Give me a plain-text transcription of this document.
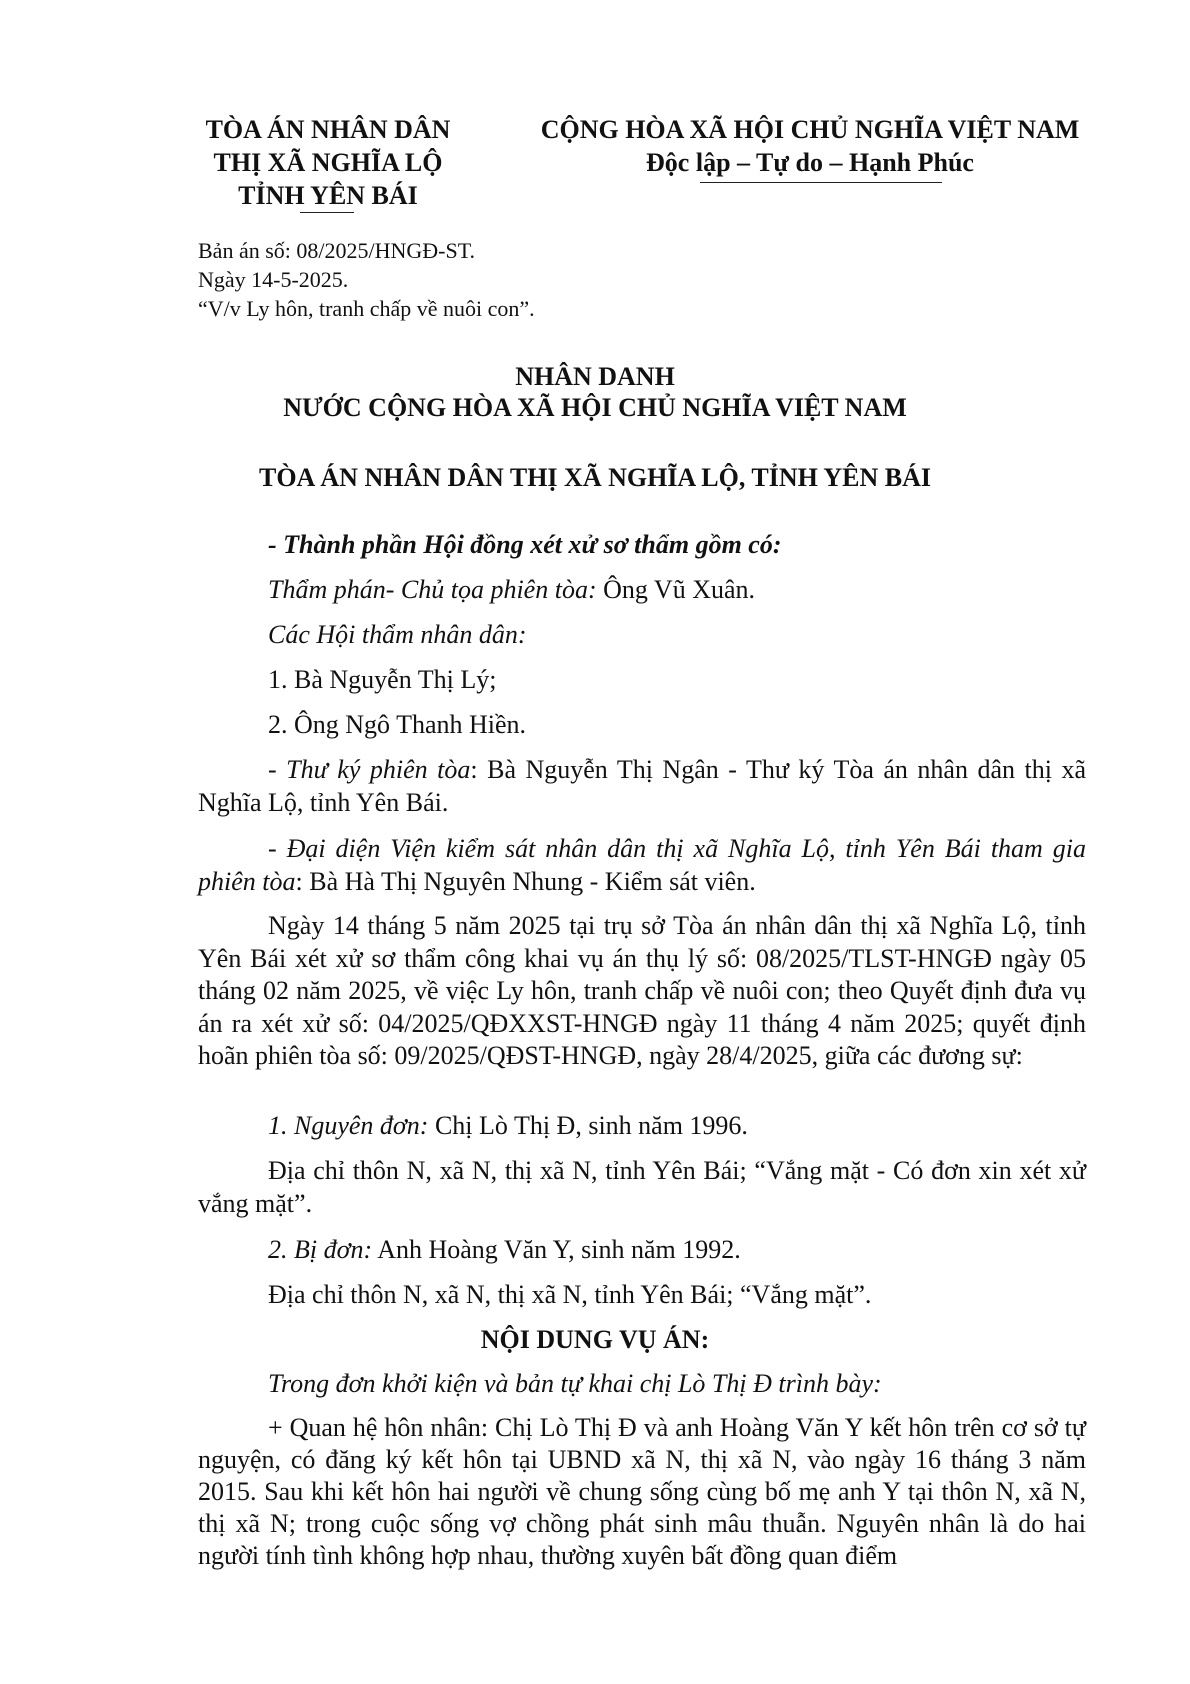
TÒA ÁN NHÂN DÂN
THỊ XÃ NGHĨA LỘ
TỈNH YÊN BÁI
CỘNG HÒA XÃ HỘI CHỦ NGHĨA VIỆT NAM
Độc lập – Tự do – Hạnh Phúc
Bản án số: 08/2025/HNGĐ-ST.
Ngày 14-5-2025.
“V/v Ly hôn, tranh chấp về nuôi con”.
NHÂN DANH
NƯỚC CỘNG HÒA XÃ HỘI CHỦ NGHĨA VIỆT NAM
TÒA ÁN NHÂN DÂN THỊ XÃ NGHĨA LỘ, TỈNH YÊN BÁI
- Thành phần Hội đồng xét xử sơ thẩm gồm có:
Thẩm phán- Chủ tọa phiên tòa: Ông Vũ Xuân.
Các Hội thẩm nhân dân:
1. Bà Nguyễn Thị Lý;
2. Ông Ngô Thanh Hiền.
- Thư ký phiên tòa: Bà Nguyễn Thị Ngân - Thư ký Tòa án nhân dân thị xã Nghĩa Lộ, tỉnh Yên Bái.
- Đại diện Viện kiểm sát nhân dân thị xã Nghĩa Lộ, tỉnh Yên Bái tham gia phiên tòa: Bà Hà Thị Nguyên Nhung - Kiểm sát viên.
Ngày 14 tháng 5 năm 2025 tại trụ sở Tòa án nhân dân thị xã Nghĩa Lộ, tỉnh Yên Bái xét xử sơ thẩm công khai vụ án thụ lý số: 08/2025/TLST-HNGĐ ngày 05 tháng 02 năm 2025, về việc Ly hôn, tranh chấp về nuôi con; theo Quyết định đưa vụ án ra xét xử số: 04/2025/QĐXXST-HNGĐ ngày 11 tháng 4 năm 2025; quyết định hoãn phiên tòa số: 09/2025/QĐST-HNGĐ, ngày 28/4/2025, giữa các đương sự:
1. Nguyên đơn: Chị Lò Thị Đ, sinh năm 1996.
Địa chỉ thôn N, xã N, thị xã N, tỉnh Yên Bái; “Vắng mặt - Có đơn xin xét xử vắng mặt”.
2. Bị đơn: Anh Hoàng Văn Y, sinh năm 1992.
Địa chỉ thôn N, xã N, thị xã N, tỉnh Yên Bái; “Vắng mặt”.
NỘI DUNG VỤ ÁN:
Trong đơn khởi kiện và bản tự khai chị Lò Thị Đ trình bày:
+ Quan hệ hôn nhân: Chị Lò Thị Đ và anh Hoàng Văn Y kết hôn trên cơ sở tự nguyện, có đăng ký kết hôn tại UBND xã N, thị xã N, vào ngày 16 tháng 3 năm 2015. Sau khi kết hôn hai người về chung sống cùng bố mẹ anh Y tại thôn N, xã N, thị xã N; trong cuộc sống vợ chồng phát sinh mâu thuẫn. Nguyên nhân là do hai người tính tình không hợp nhau, thường xuyên bất đồng quan điểm
